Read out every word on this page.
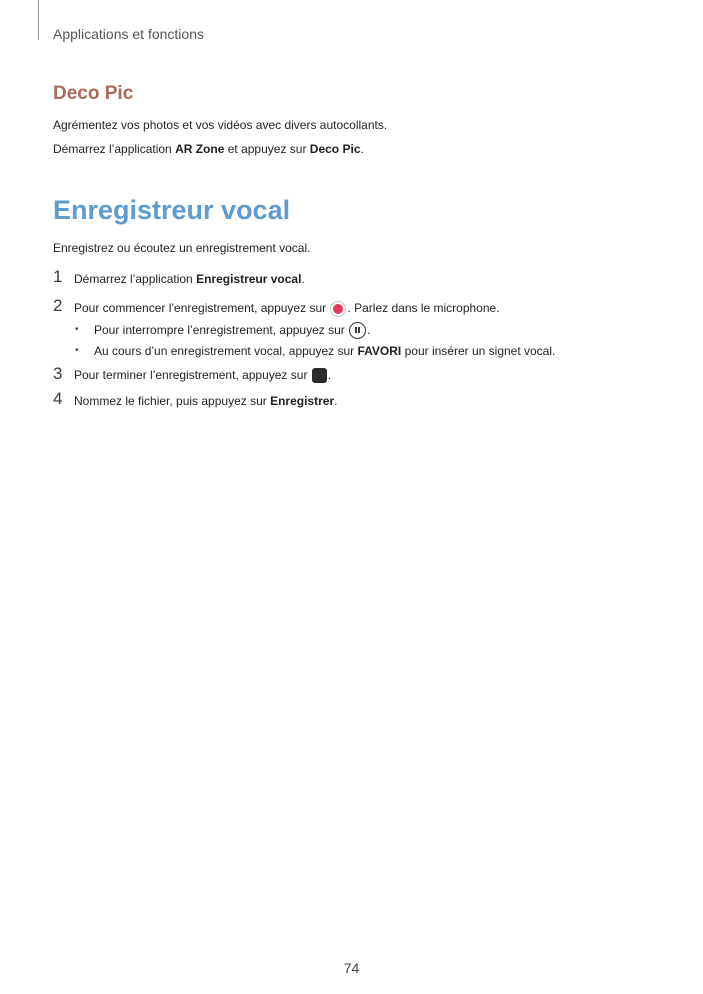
Applications et fonctions
Deco Pic
Agrémentez vos photos et vos vidéos avec divers autocollants.
Démarrez l’application AR Zone et appuyez sur Deco Pic.
Enregistreur vocal
Enregistrez ou écoutez un enregistrement vocal.
1 Démarrez l’application Enregistreur vocal.
2 Pour commencer l’enregistrement, appuyez sur . Parlez dans le microphone.
• Pour interrompre l’enregistrement, appuyez sur .
• Au cours d’un enregistrement vocal, appuyez sur FAVORI pour insérer un signet vocal.
3 Pour terminer l’enregistrement, appuyez sur .
4 Nommez le fichier, puis appuyez sur Enregistrer.
74
